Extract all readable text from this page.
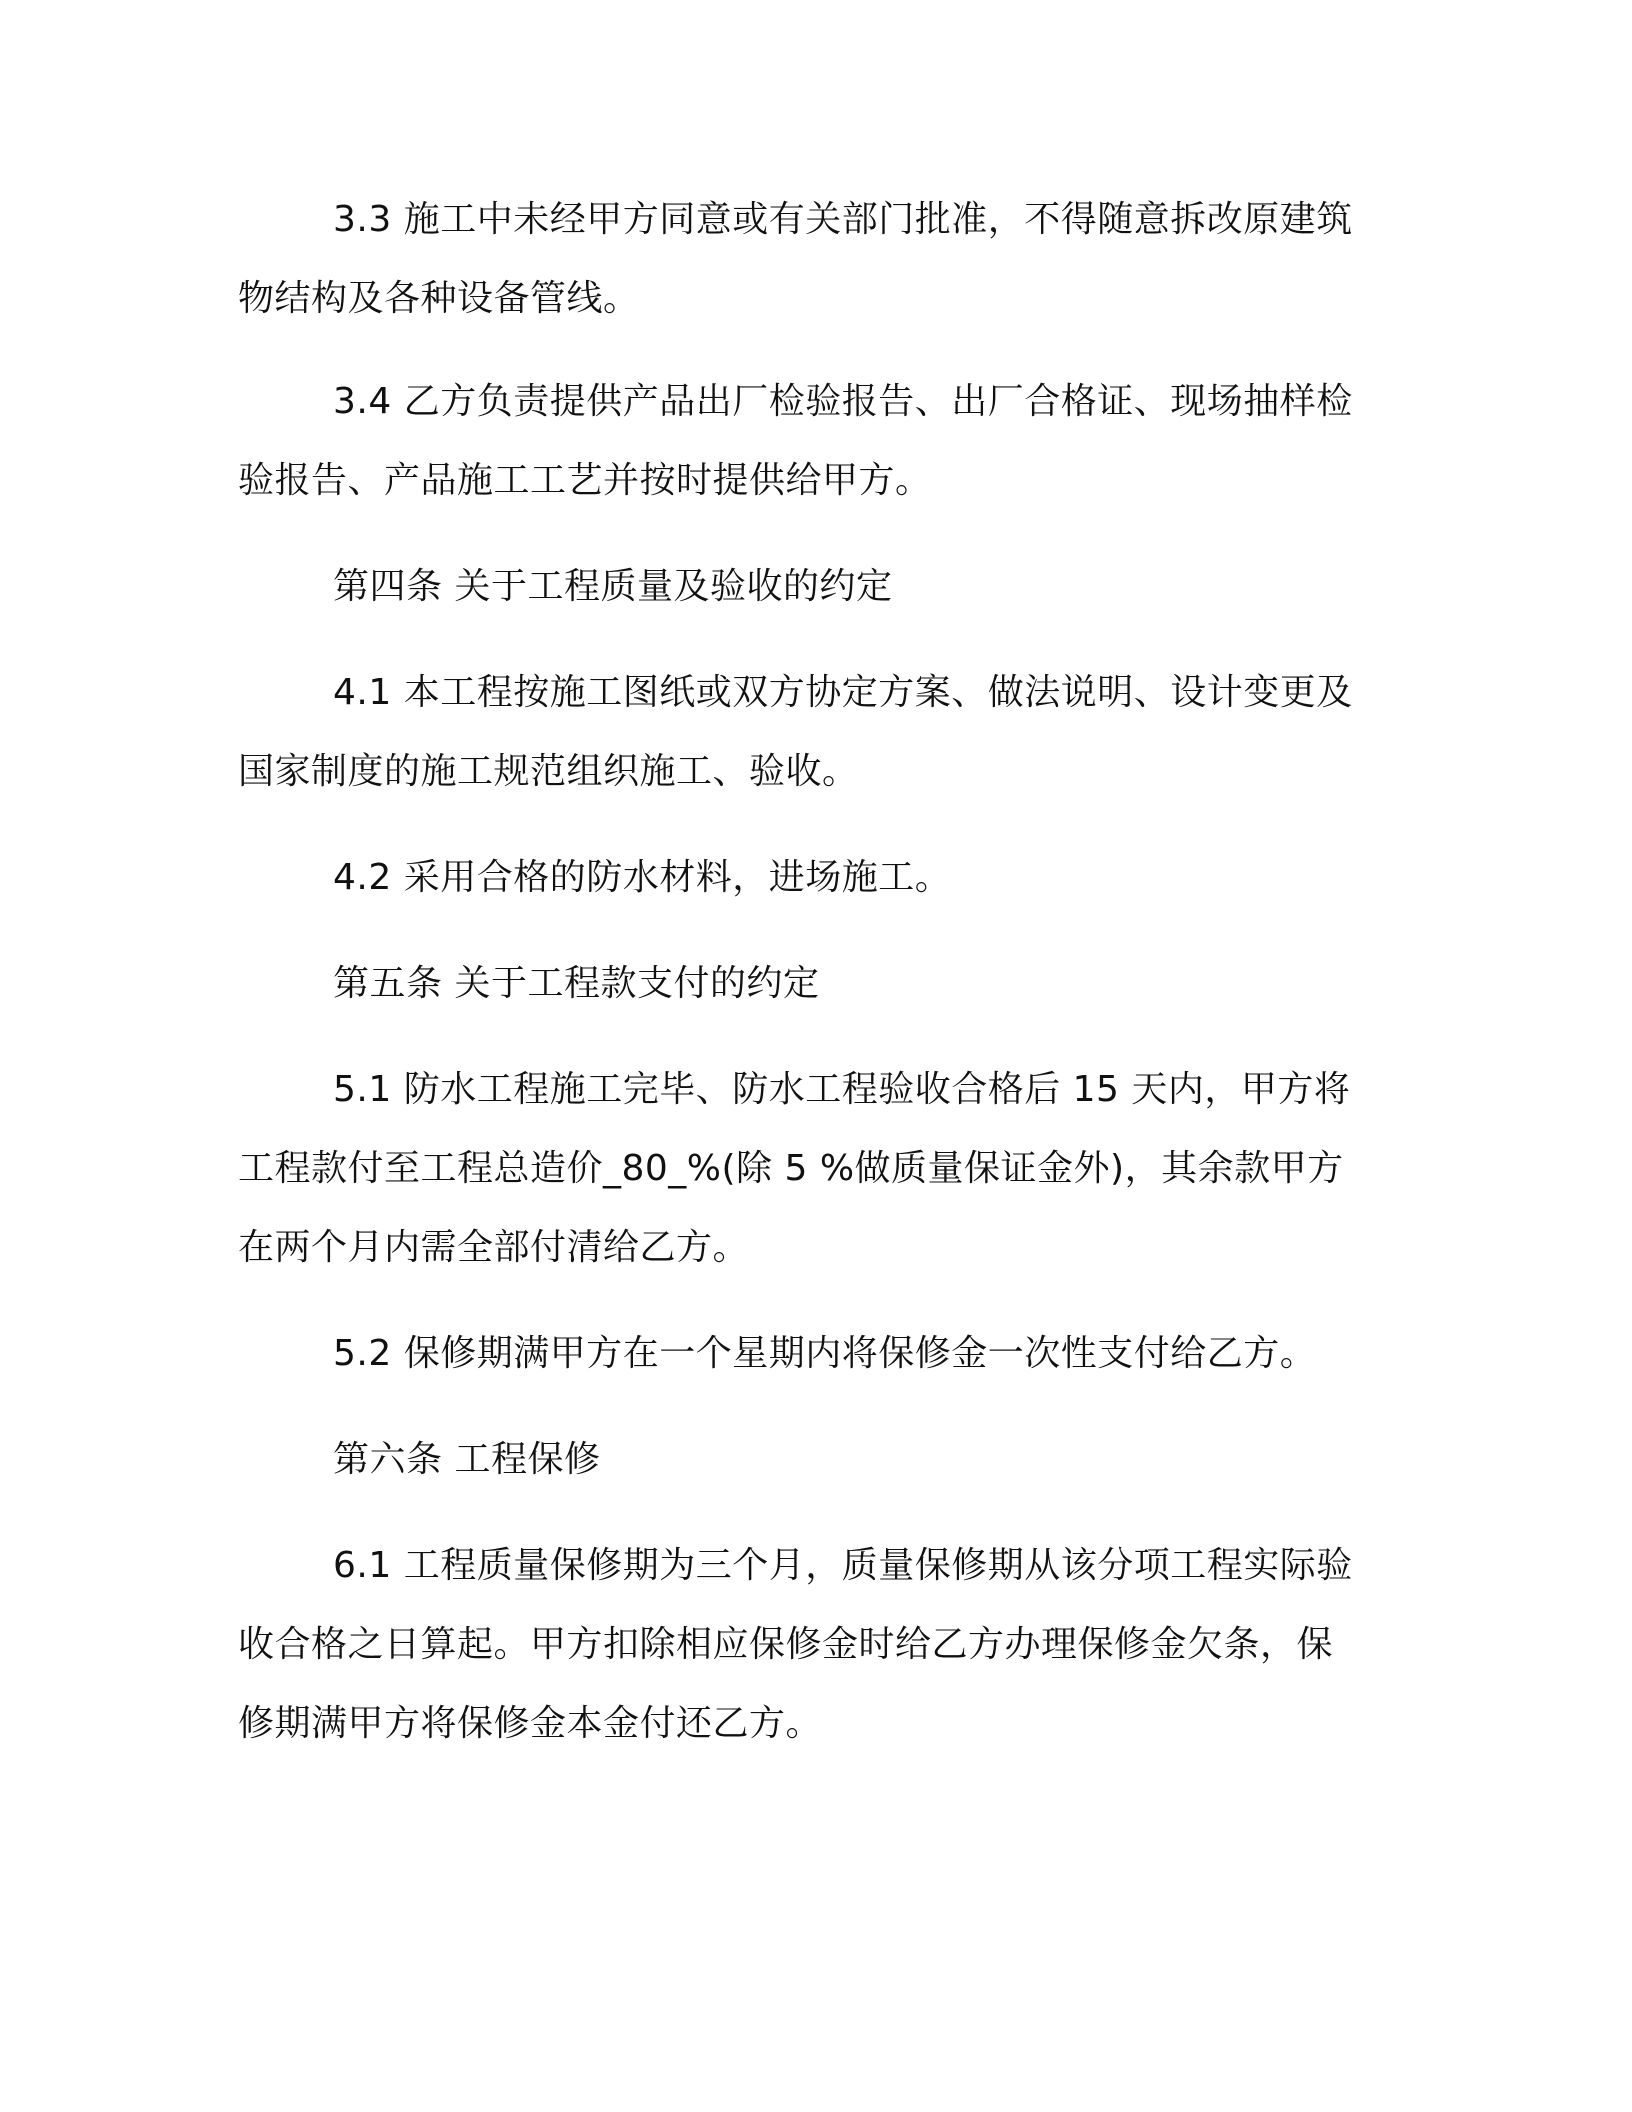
3.3 施工中未经甲方同意或有关部门批准，不得随意拆改原建筑物结构及各种设备管线。

3.4 乙方负责提供产品出厂检验报告、出厂合格证、现场抽样检验报告、产品施工工艺并按时提供给甲方。

第四条 关于工程质量及验收的约定

4.1 本工程按施工图纸或双方协定方案、做法说明、设计变更及国家制度的施工规范组织施工、验收。

4.2 采用合格的防水材料，进场施工。

第五条 关于工程款支付的约定

5.1 防水工程施工完毕、防水工程验收合格后 15 天内，甲方将工程款付至工程总造价_80_%(除 5 %做质量保证金外)，其余款甲方在两个月内需全部付清给乙方。

5.2 保修期满甲方在一个星期内将保修金一次性支付给乙方。

第六条 工程保修

6.1 工程质量保修期为三个月，质量保修期从该分项工程实际验收合格之日算起。甲方扣除相应保修金时给乙方办理保修金欠条，保修期满甲方将保修金本金付还乙方。
